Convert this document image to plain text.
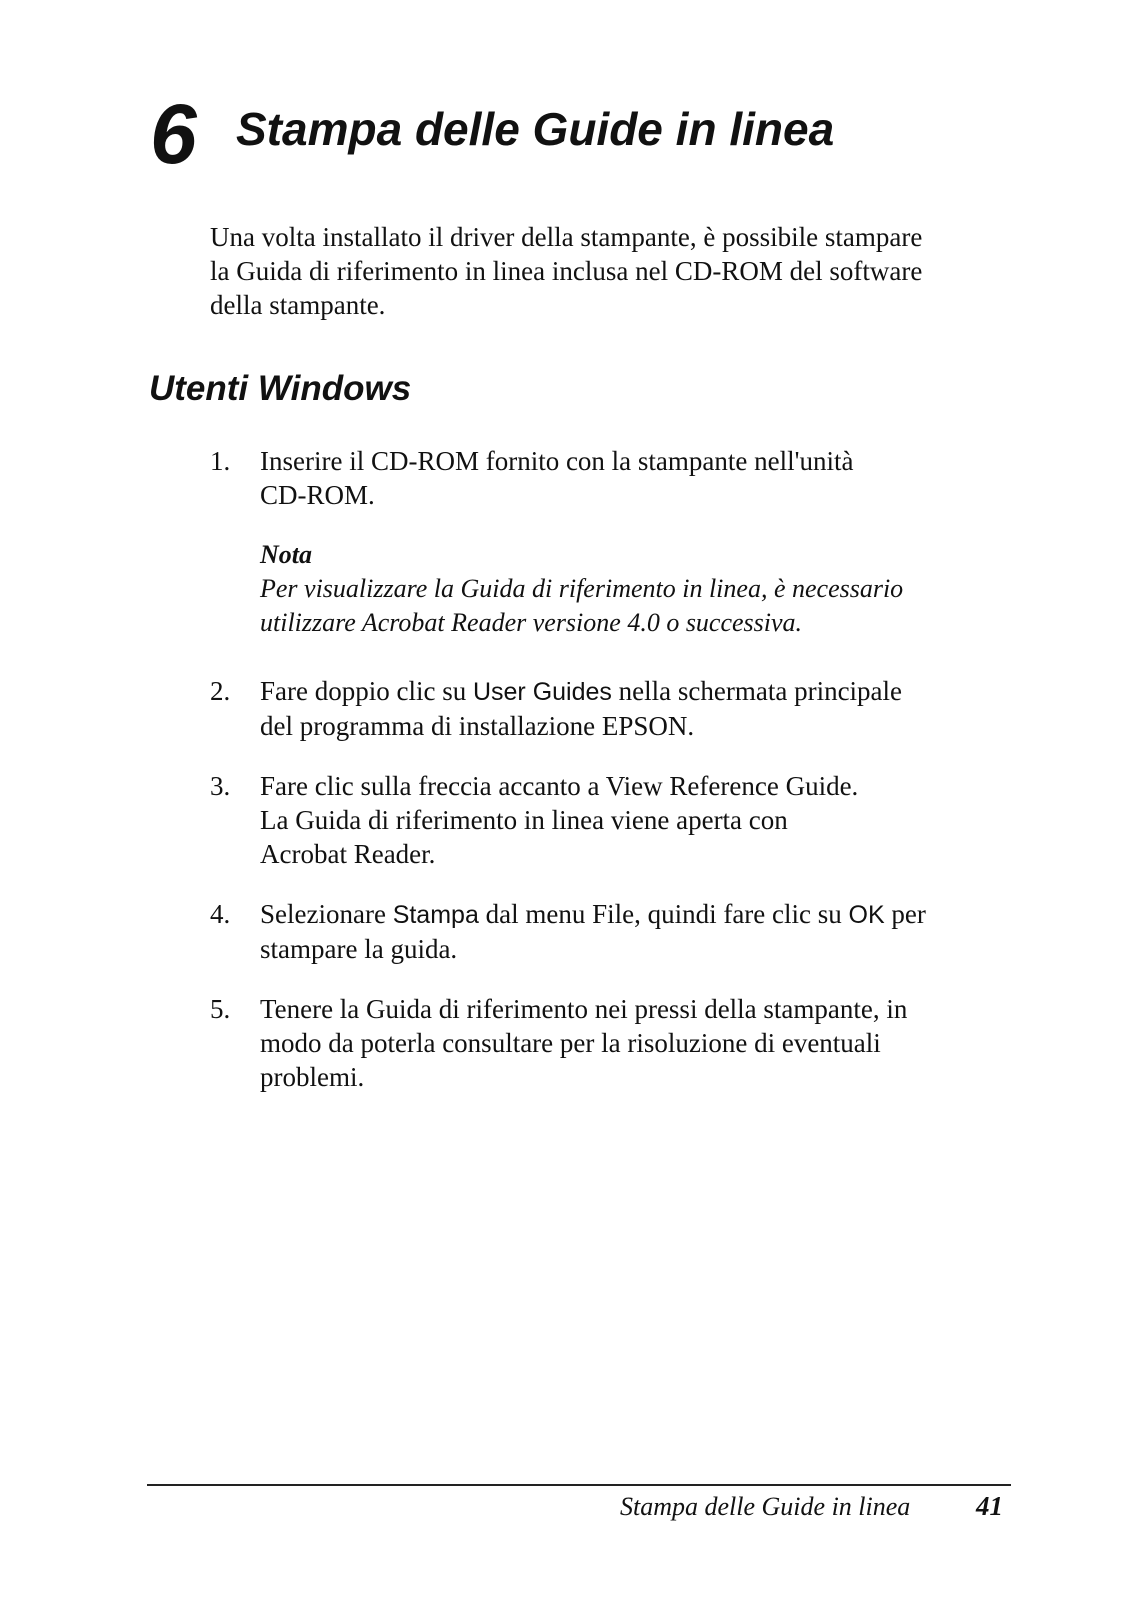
6 Stampa delle Guide in linea

Una volta installato il driver della stampante, è possibile stampare
la Guida di riferimento in linea inclusa nel CD-ROM del software
della stampante.

Utenti Windows
1.	Inserire il CD-ROM fornito con la stampante nell'unità
CD-ROM.
Nota
Per visualizzare la Guida di riferimento in linea, è necessario
utilizzare Acrobat Reader versione 4.0 o successiva.
2.	Fare doppio clic su User Guides nella schermata principale
del programma di installazione EPSON.
3.	Fare clic sulla freccia accanto a View Reference Guide.
La Guida di riferimento in linea viene aperta con
Acrobat Reader.
4.	Selezionare Stampa dal menu File, quindi fare clic su OK per
stampare la guida.
5.	Tenere la Guida di riferimento nei pressi della stampante, in
modo da poterla consultare per la risoluzione di eventuali
problemi.
Stampa delle Guide in linea 41
